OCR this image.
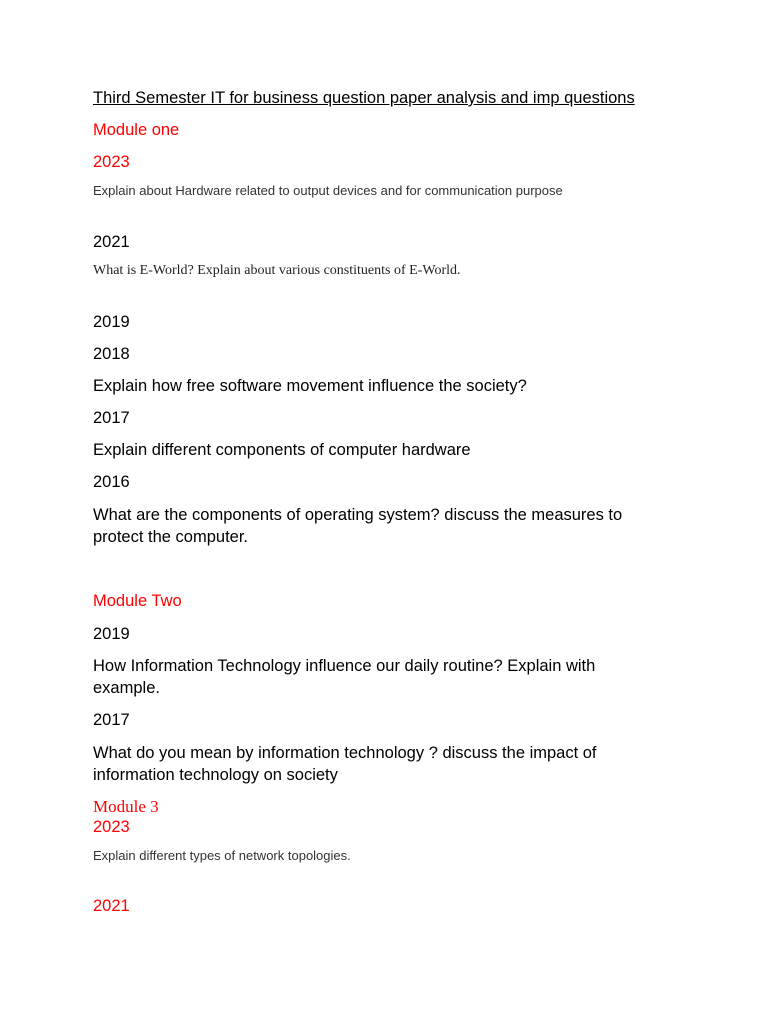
Third Semester IT for business question paper analysis and imp questions

Module one

2023

Explain about Hardware related to output devices and for communication purpose

2021

What is E-World? Explain about various constituents of E-World.

2019

2018

Explain how free software movement influence the society?

2017

Explain different components of computer hardware

2016

What are the components of operating system? discuss the measures to

protect the computer.

Module Two

2019

How Information Technology influence our daily routine? Explain with

example.

2017

What do you mean by information technology ? discuss the impact of

information technology on society

Module 3

2023

Explain different types of network topologies.

2021
